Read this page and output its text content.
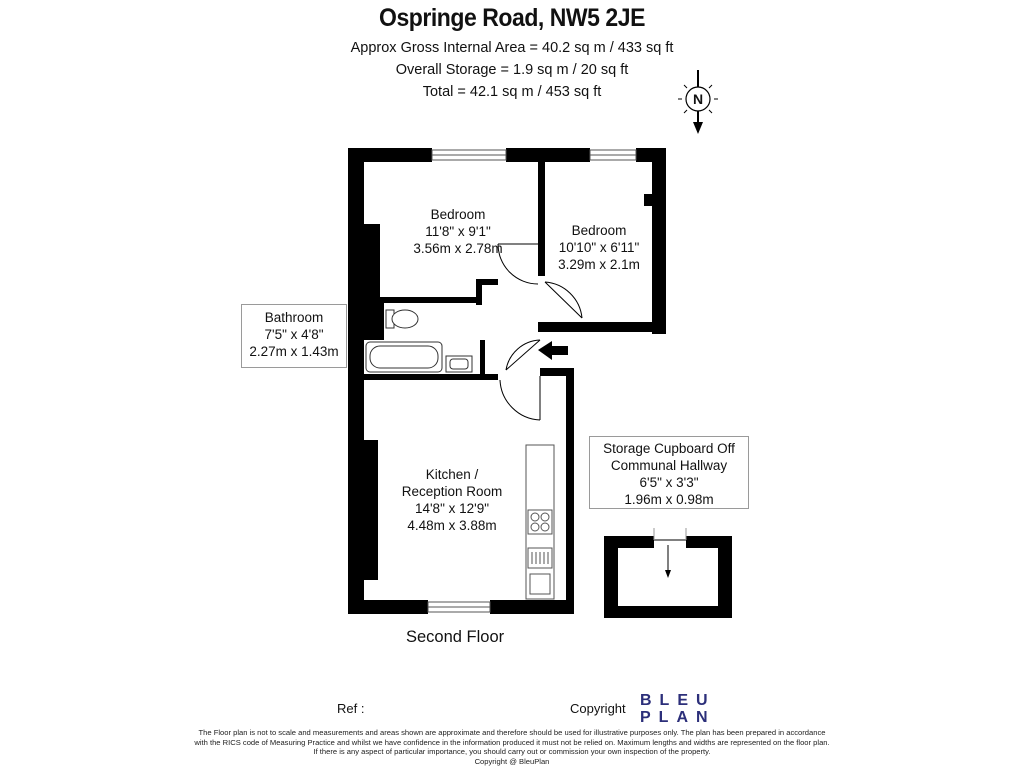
Ospringe Road, NW5 2JE
Approx Gross Internal Area = 40.2 sq m / 433 sq ft
Overall Storage = 1.9 sq m / 20 sq ft
Total = 42.1 sq m / 453 sq ft	N
Bedroom
11'8" x 9'1"
3.56m x 2.78m
Bedroom
10'10" x 6'11"
3.29m x 2.1m
Bathroom
7'5" x 4'8"
2.27m x 1.43m
Kitchen /
Reception Room
14'8" x 12'9"
4.48m x 3.88m
Storage Cupboard Off
Communal Hallway
6'5" x 3'3"
1.96m x 0.98m
Second Floor
Ref :	Copyright BLEU
PLAN
The Floor plan is not to scale and measurements and areas shown are approximate and therefore should be used for illustrative purposes only. The plan has been prepared in accordance
with the RICS code of Measuring Practice and whilst we have confidence in the information produced it must not be relied on. Maximum lengths and widths are represented on the floor plan.
If there is any aspect of particular importance, you should carry out or commission your own inspection of the property.
Copyright @ BleuPlan
